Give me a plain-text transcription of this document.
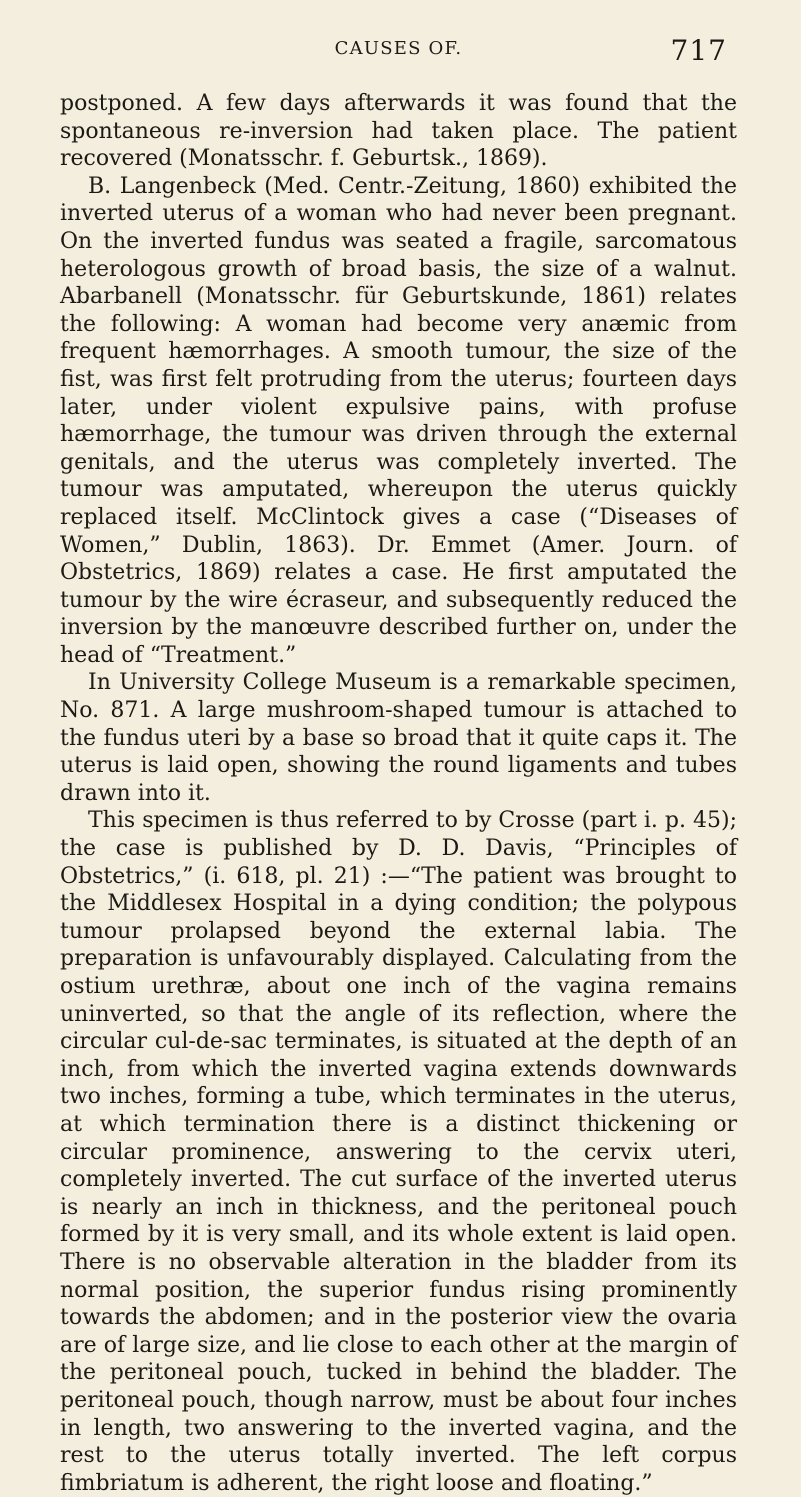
CAUSES OF.	717

postponed. A few days afterwards it was found that the spontaneous re-inversion had taken place. The patient recovered (Monatsschr. f. Geburtsk., 1869).

B. Langenbeck (Med. Centr.-Zeitung, 1860) exhibited the inverted uterus of a woman who had never been pregnant. On the inverted fundus was seated a fragile, sarcomatous heterologous growth of broad basis, the size of a walnut. Abarbanell (Monatsschr. für Geburtskunde, 1861) relates the following: A woman had become very anæmic from frequent hæmorrhages. A smooth tumour, the size of the fist, was first felt protruding from the uterus; fourteen days later, under violent expulsive pains, with profuse hæmorrhage, the tumour was driven through the external genitals, and the uterus was completely inverted. The tumour was amputated, whereupon the uterus quickly replaced itself. McClintock gives a case (“Diseases of Women,” Dublin, 1863). Dr. Emmet (Amer. Journ. of Obstetrics, 1869) relates a case. He first amputated the tumour by the wire écraseur, and subsequently reduced the inversion by the manœuvre described further on, under the head of “Treatment.”

In University College Museum is a remarkable specimen, No. 871. A large mushroom-shaped tumour is attached to the fundus uteri by a base so broad that it quite caps it. The uterus is laid open, showing the round ligaments and tubes drawn into it.

This specimen is thus referred to by Crosse (part i. p. 45); the case is published by D. D. Davis, “Principles of Obstetrics,” (i. 618, pl. 21) :—“The patient was brought to the Middlesex Hospital in a dying condition; the polypous tumour prolapsed beyond the external labia. The preparation is unfavourably displayed. Calculating from the ostium urethræ, about one inch of the vagina remains uninverted, so that the angle of its reflection, where the circular cul-de-sac terminates, is situated at the depth of an inch, from which the inverted vagina extends downwards two inches, forming a tube, which terminates in the uterus, at which termination there is a distinct thickening or circular prominence, answering to the cervix uteri, completely inverted. The cut surface of the inverted uterus is nearly an inch in thickness, and the peritoneal pouch formed by it is very small, and its whole extent is laid open. There is no observable alteration in the bladder from its normal position, the superior fundus rising prominently towards the abdomen; and in the posterior view the ovaria are of large size, and lie close to each other at the margin of the peritoneal pouch, tucked in behind the bladder. The peritoneal pouch, though narrow, must be about four inches in length, two answering to the inverted vagina, and the rest to the uterus totally inverted. The left corpus fimbriatum is adherent, the right loose and floating.”
